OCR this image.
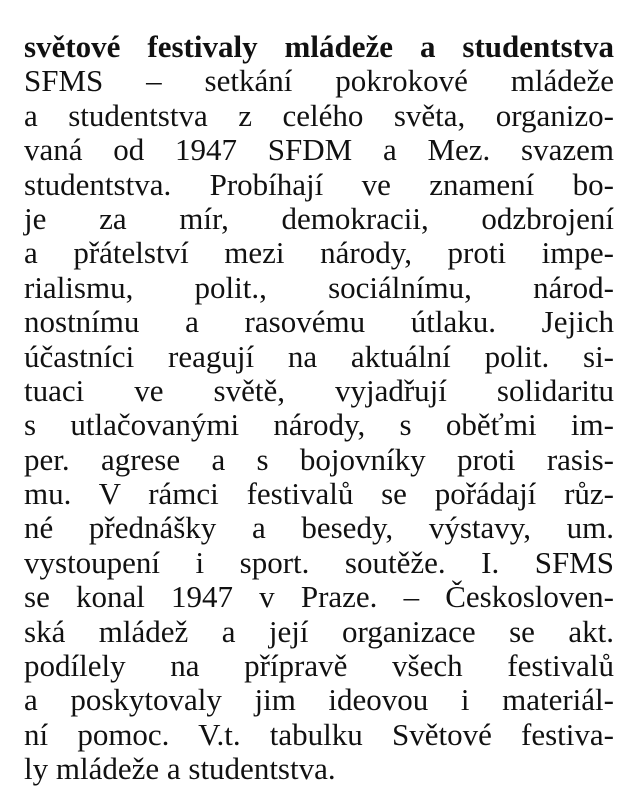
světové festivaly mládeže a studentstva
SFMS – setkání pokrokové mládeže
a studentstva z celého světa, organizo-
vaná od 1947 SFDM a Mez. svazem
studentstva. Probíhají ve znamení bo-
je za mír, demokracii, odzbrojení
a přátelství mezi národy, proti impe-
rialismu, polit., sociálnímu, národ-
nostnímu a rasovému útlaku. Jejich
účastníci reagují na aktuální polit. si-
tuaci ve světě, vyjadřují solidaritu
s utlačovanými národy, s oběťmi im-
per. agrese a s bojovníky proti rasis-
mu. V rámci festivalů se pořádají růz-
né přednášky a besedy, výstavy, um.
vystoupení i sport. soutěže. I. SFMS
se konal 1947 v Praze. – Českosloven-
ská mládež a její organizace se akt.
podílely na přípravě všech festivalů
a poskytovaly jim ideovou i materiál-
ní pomoc. V.t. tabulku Světové festiva-
ly mládeže a studentstva.
